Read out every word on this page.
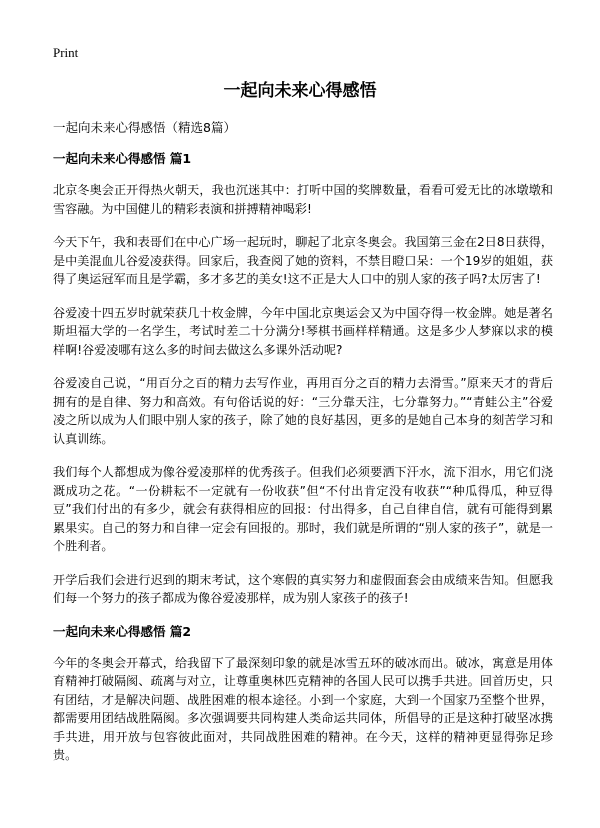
Print
一起向未来心得感悟

一起向未来心得感悟（精选8篇）

一起向未来心得感悟 篇1

北京冬奥会正开得热火朝天，我也沉迷其中：打听中国的奖牌数量，看看可爱无比的冰墩墩和雪容融。为中国健儿的精彩表演和拼搏精神喝彩!

今天下午，我和表哥们在中心广场一起玩时，聊起了北京冬奥会。我国第三金在2日8日获得，是中美混血儿谷爱凌获得。回家后，我查阅了她的资料，不禁目瞪口呆：一个19岁的姐姐，获得了奥运冠军而且是学霸，多才多艺的美女!这不正是大人口中的别人家的孩子吗?太厉害了!

谷爱凌十四五岁时就荣获几十枚金牌，今年中国北京奥运会又为中国夺得一枚金牌。她是著名斯坦福大学的一名学生，考试时差二十分满分!琴棋书画样样精通。这是多少人梦寐以求的模样啊!谷爱凌哪有这么多的时间去做这么多课外活动呢?

谷爱凌自己说，“用百分之百的精力去写作业，再用百分之百的精力去滑雪。”原来天才的背后拥有的是自律、努力和高效。有句俗话说的好：“三分靠天注，七分靠努力。”“青蛙公主”谷爱凌之所以成为人们眼中别人家的孩子，除了她的良好基因，更多的是她自己本身的刻苦学习和认真训练。

我们每个人都想成为像谷爱凌那样的优秀孩子。但我们必须要洒下汗水，流下泪水，用它们浇溉成功之花。“一份耕耘不一定就有一份收获”但“不付出肯定没有收获”“种瓜得瓜，种豆得豆”我们付出的有多少，就会有获得相应的回报：付出得多，自己自律自信，就有可能得到累累果实。自己的努力和自律一定会有回报的。那时，我们就是所谓的“别人家的孩子”，就是一个胜利者。

开学后我们会进行迟到的期末考试，这个寒假的真实努力和虚假面套会由成绩来告知。但愿我们每一个努力的孩子都成为像谷爱凌那样，成为别人家孩子的孩子!

一起向未来心得感悟 篇2

今年的冬奥会开幕式，给我留下了最深刻印象的就是冰雪五环的破冰而出。破冰，寓意是用体育精神打破隔阂、疏离与对立，让尊重奥林匹克精神的各国人民可以携手共进。回首历史，只有团结，才是解决问题、战胜困难的根本途径。小到一个家庭，大到一个国家乃至整个世界，都需要用团结战胜隔阂。多次强调要共同构建人类命运共同体，所倡导的正是这种打破坚冰携手共进，用开放与包容彼此面对，共同战胜困难的精神。在今天，这样的精神更显得弥足珍贵。
